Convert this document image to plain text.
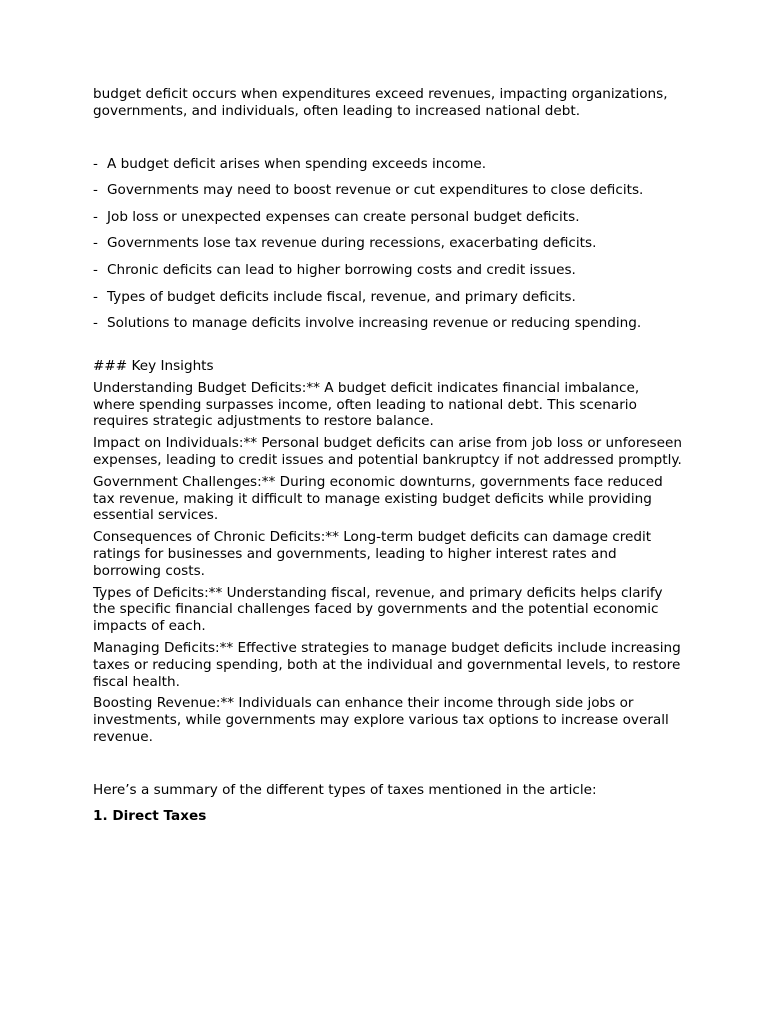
budget deficit occurs when expenditures exceed revenues, impacting organizations, governments, and individuals, often leading to increased national debt.

- A budget deficit arises when spending exceeds income.
- Governments may need to boost revenue or cut expenditures to close deficits.
- Job loss or unexpected expenses can create personal budget deficits.
- Governments lose tax revenue during recessions, exacerbating deficits.
- Chronic deficits can lead to higher borrowing costs and credit issues.
- Types of budget deficits include fiscal, revenue, and primary deficits.
- Solutions to manage deficits involve increasing revenue or reducing spending.

### Key Insights

Understanding Budget Deficits:** A budget deficit indicates financial imbalance, where spending surpasses income, often leading to national debt. This scenario requires strategic adjustments to restore balance.

Impact on Individuals:** Personal budget deficits can arise from job loss or unforeseen expenses, leading to credit issues and potential bankruptcy if not addressed promptly.

Government Challenges:** During economic downturns, governments face reduced tax revenue, making it difficult to manage existing budget deficits while providing essential services.

Consequences of Chronic Deficits:** Long-term budget deficits can damage credit ratings for businesses and governments, leading to higher interest rates and borrowing costs.

Types of Deficits:** Understanding fiscal, revenue, and primary deficits helps clarify the specific financial challenges faced by governments and the potential economic impacts of each.

Managing Deficits:** Effective strategies to manage budget deficits include increasing taxes or reducing spending, both at the individual and governmental levels, to restore fiscal health.

Boosting Revenue:** Individuals can enhance their income through side jobs or investments, while governments may explore various tax options to increase overall revenue.

Here’s a summary of the different types of taxes mentioned in the article:

1. Direct Taxes
